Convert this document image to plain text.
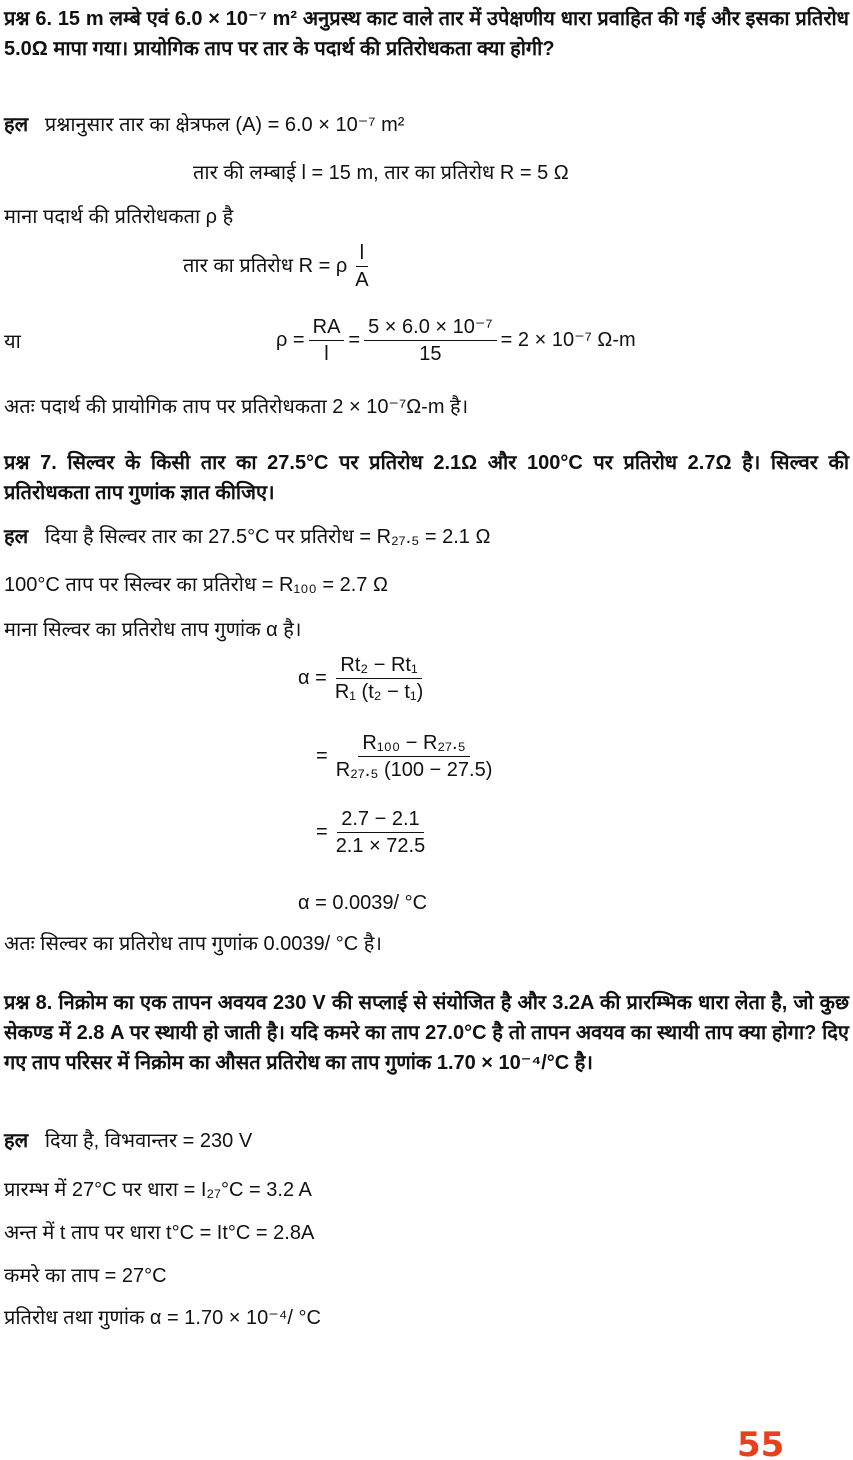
प्रश्न 6. 15 m लम्बे एवं 6.0 × 10⁻⁷ m² अनुप्रस्थ काट वाले तार में उपेक्षणीय धारा प्रवाहित की गई और इसका प्रतिरोध 5.0Ω मापा गया। प्रायोगिक ताप पर तार के पदार्थ की प्रतिरोधकता क्या होगी?
हल प्रश्नानुसार तार का क्षेत्रफल (A) = 6.0 × 10⁻⁷ m²
तार की लम्बाई l = 15 m, तार का प्रतिरोध R = 5 Ω
माना पदार्थ की प्रतिरोधकता ρ है
तार का प्रतिरोध R = ρ $\frac{l}{A}$
या	$\rho = \frac{RA}{l} = \frac{\text{5 × 6.0 × 10⁻⁷}}{15} = 2 \times 10^{-7}$ Ω-m
अतः पदार्थ की प्रायोगिक ताप पर प्रतिरोधकता 2 × 10⁻⁷Ω-m है।
प्रश्न 7. सिल्वर के किसी तार का 27.5°C पर प्रतिरोध 2.1Ω और 100°C पर प्रतिरोध 2.7Ω है। सिल्वर की प्रतिरोधकता ताप गुणांक ज्ञात कीजिए।
हल दिया है सिल्वर तार का 27.5°C पर प्रतिरोध = R₂₇.₅ = 2.1 Ω
100°C ताप पर सिल्वर का प्रतिरोध = R₁₀₀ = 2.7 Ω
माना सिल्वर का प्रतिरोध ताप गुणांक α है।
$\alpha = \frac{\text{Rt₂ − Rt₁}}{\text{R₁ (t₂ − t₁)}}$
= $\frac{\text{R₁₀₀ − R₂₇.₅}}{\text{R₂₇.₅ (100 − 27.5)}}$
= $\frac{2.7 - 2.1}{2.1 \times 72.5}$
α = 0.0039/ °C
अतः सिल्वर का प्रतिरोध ताप गुणांक 0.0039/ °C है।
प्रश्न 8. निक्रोम का एक तापन अवयव 230 V की सप्लाई से संयोजित है और 3.2A की प्रारम्भिक धारा लेता है, जो कुछ सेकण्ड में 2.8 A पर स्थायी हो जाती है। यदि कमरे का ताप 27.0°C है तो तापन अवयव का स्थायी ताप क्या होगा? दिए गए ताप परिसर में निक्रोम का औसत प्रतिरोध का ताप गुणांक 1.70 × 10⁻⁴/°C है।
हल दिया है, विभवान्तर = 230 V
प्रारम्भ में 27°C पर धारा = I₂₇°C = 3.2 A
अन्त में t ताप पर धारा t°C = It°C = 2.8A
कमरे का ताप = 27°C
प्रतिरोध तथा गुणांक α = 1.70 × 10⁻⁴/ °C
55
